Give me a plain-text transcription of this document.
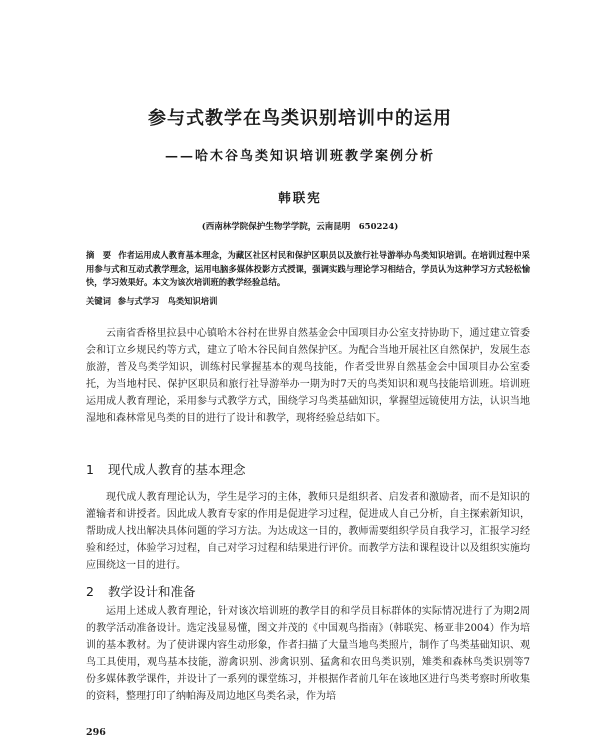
参与式教学在鸟类识别培训中的运用
——哈木谷鸟类知识培训班教学案例分析
韩联宪
(西南林学院保护生物学学院，云南昆明　650224)
摘　要 作者运用成人教育基本理念，为藏区社区村民和保护区职员以及旅行社导游举办鸟类知识培训。在培训过程中采用参与式和互动式教学理念，运用电脑多媒体投影方式授课，强调实践与理论学习相结合，学员认为这种学习方式轻松愉快，学习效果好。本文为该次培训班的教学经验总结。
关键词 参与式学习　鸟类知识培训

云南省香格里拉县中心镇哈木谷村在世界自然基金会中国项目办公室支持协助下，通过建立管委会和订立乡规民约等方式，建立了哈木谷民间自然保护区。为配合当地开展社区自然保护，发展生态旅游，普及鸟类学知识，训练村民掌握基本的观鸟技能，作者受世界自然基金会中国项目办公室委托，为当地村民、保护区职员和旅行社导游举办一期为时7天的鸟类知识和观鸟技能培训班。培训班运用成人教育理论，采用参与式教学方式，围绕学习鸟类基础知识，掌握望远镜使用方法，认识当地湿地和森林常见鸟类的目的进行了设计和教学，现将经验总结如下。

1 现代成人教育的基本理念

现代成人教育理论认为，学生是学习的主体，教师只是组织者、启发者和激励者，而不是知识的灌输者和讲授者。因此成人教育专家的作用是促进学习过程，促进成人自己分析，自主探索新知识，帮助成人找出解决具体问题的学习方法。为达成这一目的，教师需要组织学员自我学习，汇报学习经验和经过，体验学习过程，自己对学习过程和结果进行评价。而教学方法和课程设计以及组织实施均应围绕这一目的进行。

2 教学设计和准备

运用上述成人教育理论，针对该次培训班的教学目的和学员目标群体的实际情况进行了为期2周的教学活动准备设计。选定浅显易懂，图文并茂的《中国观鸟指南》（韩联宪、杨亚非2004）作为培训的基本教材。为了使讲课内容生动形象，作者扫描了大量当地鸟类照片，制作了鸟类基础知识、观鸟工具使用，观鸟基本技能，游禽识别、涉禽识别、猛禽和农田鸟类识别，雉类和森林鸟类识别等7份多媒体教学课件，并设计了一系列的课堂练习，并根据作者前几年在该地区进行鸟类考察时所收集的资料，整理打印了纳帕海及周边地区鸟类名录，作为培

296
